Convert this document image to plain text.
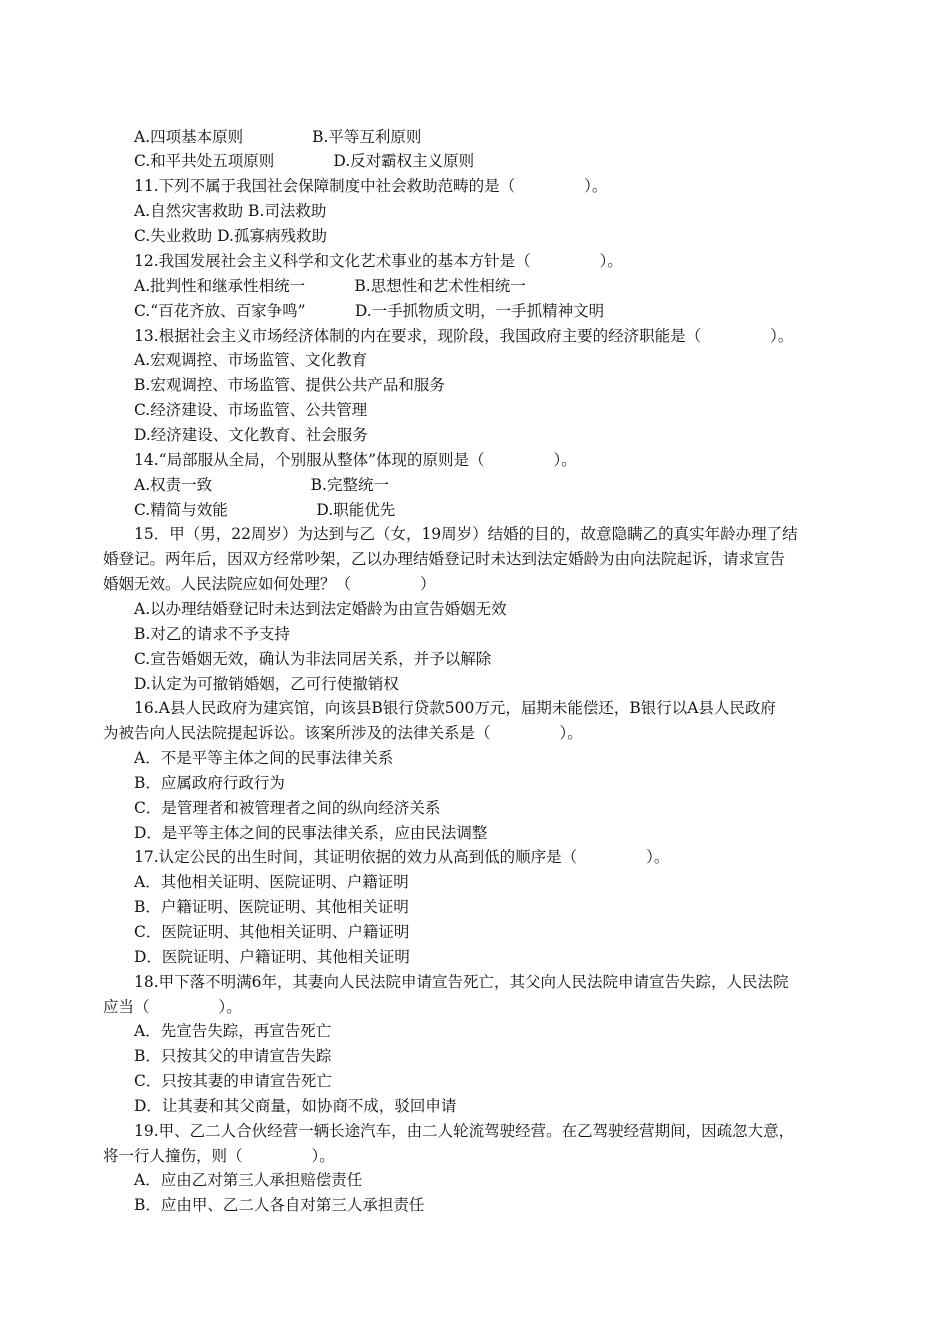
A.四项基本原则              B.平等互利原则
C.和平共处五项原则            D.反对霸权主义原则
11.下列不属于我国社会保障制度中社会救助范畴的是（              ）。
A.自然灾害救助 B.司法救助
C.失业救助 D.孤寡病残救助
12.我国发展社会主义科学和文化艺术事业的基本方针是（              ）。
A.批判性和继承性相统一          B.思想性和艺术性相统一
C.“百花齐放、百家争鸣”          D.一手抓物质文明，一手抓精神文明
13.根据社会主义市场经济体制的内在要求，现阶段，我国政府主要的经济职能是（              ）。
A.宏观调控、市场监管、文化教育
B.宏观调控、市场监管、提供公共产品和服务
C.经济建设、市场监管、公共管理
D.经济建设、文化教育、社会服务
14.“局部服从全局，个别服从整体”体现的原则是（              ）。
A.权责一致                    B.完整统一
C.精简与效能                  D.职能优先
15．甲（男，22周岁）为达到与乙（女，19周岁）结婚的目的，故意隐瞒乙的真实年龄办理了结
婚登记。两年后，因双方经常吵架，乙以办理结婚登记时未达到法定婚龄为由向法院起诉，请求宣告
婚姻无效。人民法院应如何处理？（              ）
A.以办理结婚登记时未达到法定婚龄为由宣告婚姻无效
B.对乙的请求不予支持
C.宣告婚姻无效，确认为非法同居关系，并予以解除
D.认定为可撤销婚姻，乙可行使撤销权
16.A县人民政府为建宾馆，向该县B银行贷款500万元，届期未能偿还，B银行以A县人民政府
为被告向人民法院提起诉讼。该案所涉及的法律关系是（              ）。
A．不是平等主体之间的民事法律关系
B．应属政府行政行为
C．是管理者和被管理者之间的纵向经济关系
D．是平等主体之间的民事法律关系，应由民法调整
17.认定公民的出生时间，其证明依据的效力从高到低的顺序是（              ）。
A．其他相关证明、医院证明、户籍证明
B．户籍证明、医院证明、其他相关证明
C．医院证明、其他相关证明、户籍证明
D．医院证明、户籍证明、其他相关证明
18.甲下落不明满6年，其妻向人民法院申请宣告死亡，其父向人民法院申请宣告失踪，人民法院
应当（              ）。
A．先宣告失踪，再宣告死亡
B．只按其父的申请宣告失踪
C．只按其妻的申请宣告死亡
D．让其妻和其父商量，如协商不成，驳回申请
19.甲、乙二人合伙经营一辆长途汽车，由二人轮流驾驶经营。在乙驾驶经营期间，因疏忽大意，
将一行人撞伤，则（              ）。
A．应由乙对第三人承担赔偿责任
B．应由甲、乙二人各自对第三人承担责任
